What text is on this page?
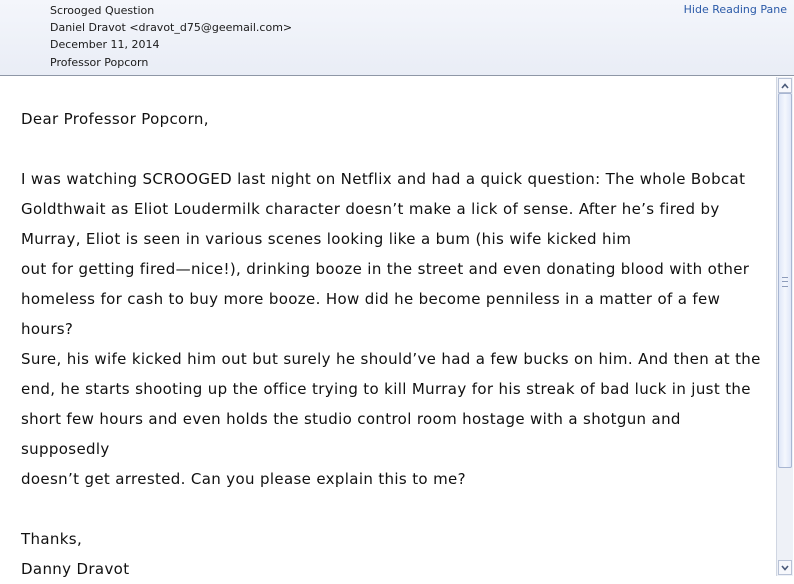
Scrooged Question
Daniel Dravot <dravot_d75@geemail.com>
December 11, 2014
Professor Popcorn
Hide Reading Pane

Dear Professor Popcorn,

I was watching SCROOGED last night on Netflix and had a quick question: The whole Bobcat

Goldthwait as Eliot Loudermilk character doesn’t make a lick of sense. After he’s fired by

Murray, Eliot is seen in various scenes looking like a bum (his wife kicked him

out for getting fired—nice!), drinking booze in the street and even donating blood with other

homeless for cash to buy more booze. How did he become penniless in a matter of a few hours?

Sure, his wife kicked him out but surely he should’ve had a few bucks on him. And then at the

end, he starts shooting up the office trying to kill Murray for his streak of bad luck in just the

short few hours and even holds the studio control room hostage with a shotgun and supposedly

doesn’t get arrested. Can you please explain this to me?

Thanks,

Danny Dravot
